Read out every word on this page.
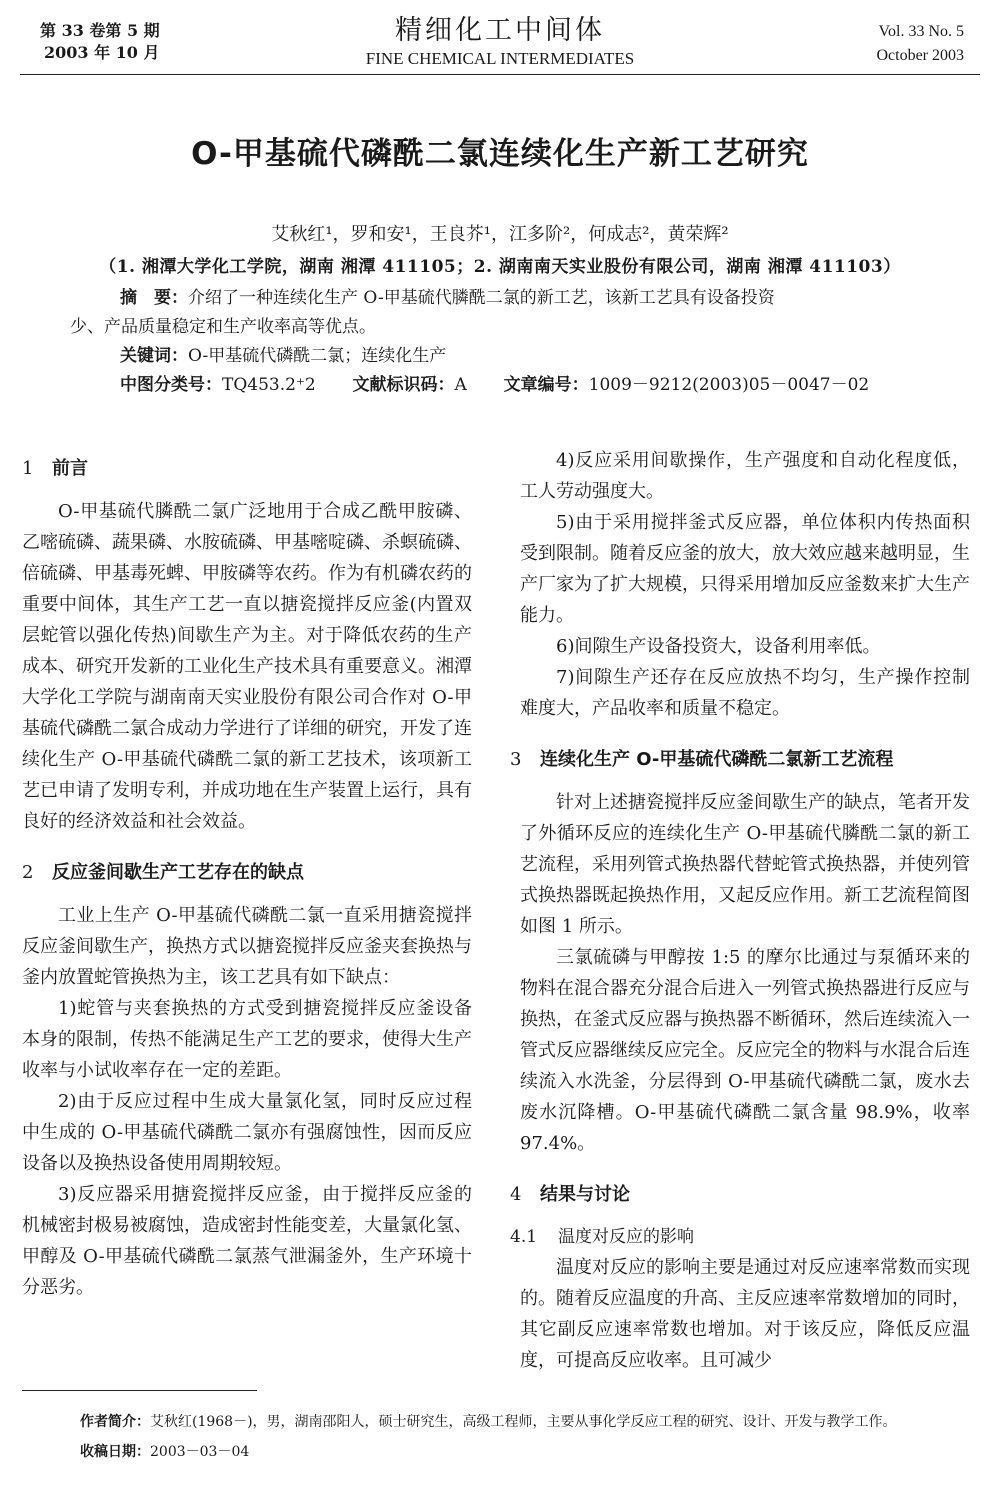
第 33 卷第 5 期
2003 年 10 月
精细化工中间体
FINE CHEMICAL INTERMEDIATES
Vol. 33 No. 5
October 2003
O-甲基硫代磷酰二氯连续化生产新工艺研究
艾秋红¹，罗和安¹，王良芥¹，江多阶²，何成志²，黄荣辉²
（1. 湘潭大学化工学院，湖南 湘潭 411105；2. 湖南南天实业股份有限公司，湖南 湘潭 411103）
摘　要：介绍了一种连续化生产 O-甲基硫代膦酰二氯的新工艺，该新工艺具有设备投资
少、产品质量稳定和生产收率高等优点。
关键词：O-甲基硫代磷酰二氯；连续化生产
中图分类号：TQ453.2⁺2 文献标识码：A 文章编号：1009－9212(2003)05－0047－02
1 前言

O-甲基硫代膦酰二氯广泛地用于合成乙酰甲胺磷、乙嘧硫磷、蔬果磷、水胺硫磷、甲基嘧啶磷、杀螟硫磷、倍硫磷、甲基毒死蜱、甲胺磷等农药。作为有机磷农药的重要中间体，其生产工艺一直以搪瓷搅拌反应釜(内置双层蛇管以强化传热)间歇生产为主。对于降低农药的生产成本、研究开发新的工业化生产技术具有重要意义。湘潭大学化工学院与湖南南天实业股份有限公司合作对 O-甲基硫代磷酰二氯合成动力学进行了详细的研究，开发了连续化生产 O-甲基硫代磷酰二氯的新工艺技术，该项新工艺已申请了发明专利，并成功地在生产装置上运行，具有良好的经济效益和社会效益。

2 反应釜间歇生产工艺存在的缺点

工业上生产 O-甲基硫代磷酰二氯一直采用搪瓷搅拌反应釜间歇生产，换热方式以搪瓷搅拌反应釜夹套换热与釜内放置蛇管换热为主，该工艺具有如下缺点：

1)蛇管与夹套换热的方式受到搪瓷搅拌反应釜设备本身的限制，传热不能满足生产工艺的要求，使得大生产收率与小试收率存在一定的差距。

2)由于反应过程中生成大量氯化氢，同时反应过程中生成的 O-甲基硫代磷酰二氯亦有强腐蚀性，因而反应设备以及换热设备使用周期较短。

3)反应器采用搪瓷搅拌反应釜，由于搅拌反应釜的机械密封极易被腐蚀，造成密封性能变差，大量氯化氢、甲醇及 O-甲基硫代磷酰二氯蒸气泄漏釜外，生产环境十分恶劣。

4)反应采用间歇操作，生产强度和自动化程度低，工人劳动强度大。

5)由于采用搅拌釜式反应器，单位体积内传热面积受到限制。随着反应釜的放大，放大效应越来越明显，生产厂家为了扩大规模，只得采用增加反应釜数来扩大生产能力。

6)间隙生产设备投资大，设备利用率低。

7)间隙生产还存在反应放热不均匀，生产操作控制难度大，产品收率和质量不稳定。

3 连续化生产 O-甲基硫代磷酰二氯新工艺流程

针对上述搪瓷搅拌反应釜间歇生产的缺点，笔者开发了外循环反应的连续化生产 O-甲基硫代膦酰二氯的新工艺流程，采用列管式换热器代替蛇管式换热器，并使列管式换热器既起换热作用，又起反应作用。新工艺流程简图如图 1 所示。

三氯硫磷与甲醇按 1:5 的摩尔比通过与泵循环来的物料在混合器充分混合后进入一列管式换热器进行反应与换热，在釜式反应器与换热器不断循环，然后连续流入一管式反应器继续反应完全。反应完全的物料与水混合后连续流入水洗釜，分层得到 O-甲基硫代磷酰二氯，废水去废水沉降槽。O-甲基硫代磷酰二氯含量 98.9%，收率 97.4%。

4 结果与讨论
4.1 温度对反应的影响

温度对反应的影响主要是通过对反应速率常数而实现的。随着反应温度的升高、主反应速率常数增加的同时，其它副反应速率常数也增加。对于该反应，降低反应温度，可提高反应收率。且可减少

作者简介：艾秋红(1968－)，男，湖南邵阳人，硕士研究生，高级工程师，主要从事化学反应工程的研究、设计、开发与教学工作。
收稿日期：2003－03－04
